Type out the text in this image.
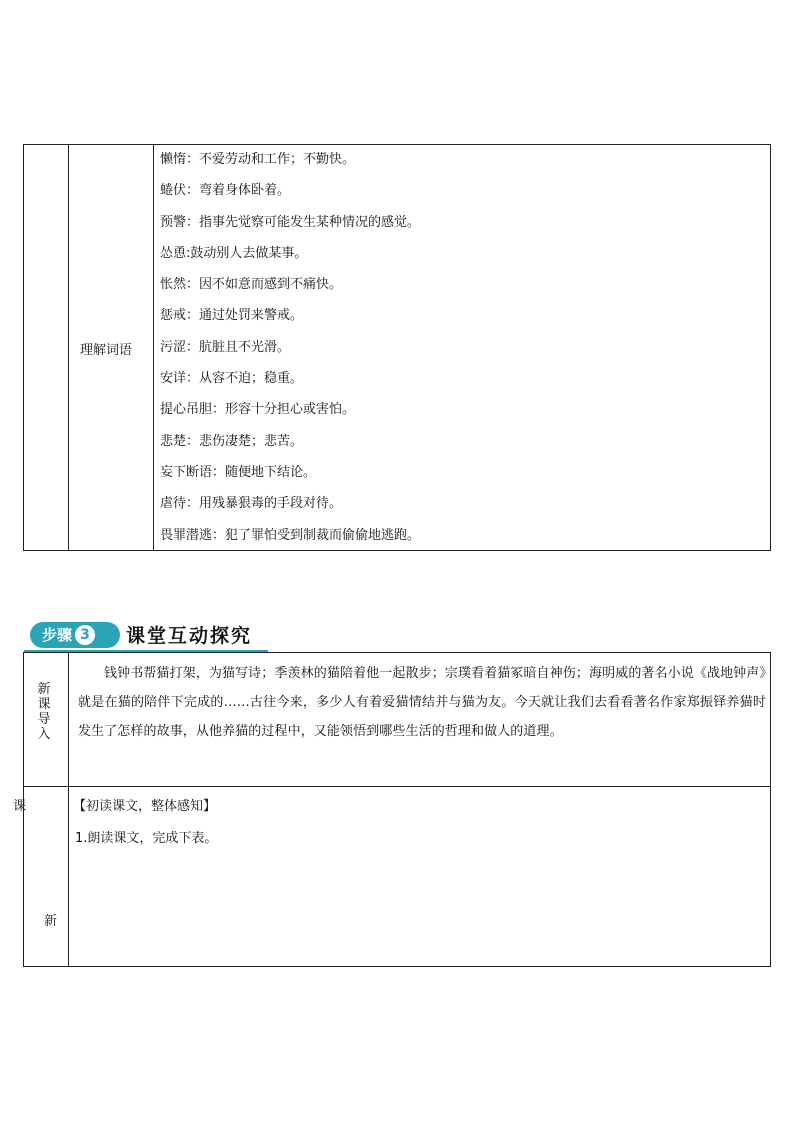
理解词语
懒惰：不爱劳动和工作；不勤快。
蜷伏：弯着身体卧着。
预警：指事先觉察可能发生某种情况的感觉。
怂恿:鼓动别人去做某事。
怅然：因不如意而感到不痛快。
惩戒：通过处罚来警戒。
污涩：肮脏且不光滑。
安详：从容不迫；稳重。
提心吊胆：形容十分担心或害怕。
悲楚：悲伤凄楚；悲苦。
妄下断语：随便地下结论。
虐待：用残暴狠毒的手段对待。
畏罪潜逃：犯了罪怕受到制裁而偷偷地逃跑。
步骤 3	课堂互动探究
新课导入
钱钟书帮猫打架，为猫写诗；季羡林的猫陪着他一起散步；宗璞看着猫冢暗自神伤；海明威的著名小说《战地钟声》就是在猫的陪伴下完成的……古往今来，多少人有着爱猫情结并与猫为友。今天就让我们去看看著名作家郑振铎养猫时发生了怎样的故事，从他养猫的过程中，又能领悟到哪些生活的哲理和做人的道理。
课	【初读课文，整体感知】
1.朗读课文，完成下表。
新
